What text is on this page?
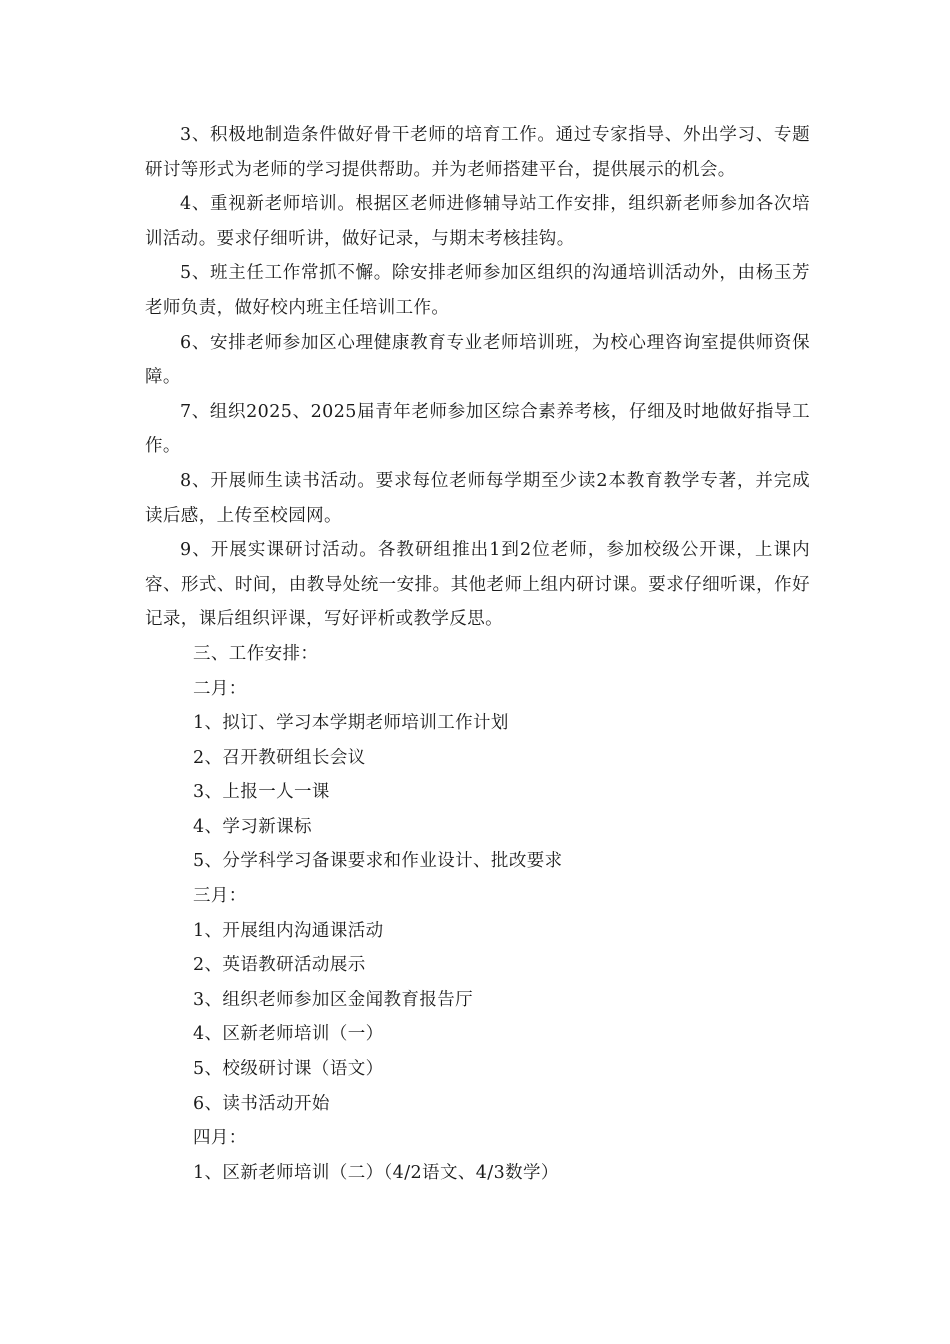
3、积极地制造条件做好骨干老师的培育工作。通过专家指导、外出学习、专题研讨等形式为老师的学习提供帮助。并为老师搭建平台，提供展示的机会。

4、重视新老师培训。根据区老师进修辅导站工作安排，组织新老师参加各次培训活动。要求仔细听讲，做好记录，与期末考核挂钩。

5、班主任工作常抓不懈。除安排老师参加区组织的沟通培训活动外，由杨玉芳老师负责，做好校内班主任培训工作。

6、安排老师参加区心理健康教育专业老师培训班，为校心理咨询室提供师资保障。

7、组织2025、2025届青年老师参加区综合素养考核，仔细及时地做好指导工作。

8、开展师生读书活动。要求每位老师每学期至少读2本教育教学专著，并完成读后感，上传至校园网。

9、开展实课研讨活动。各教研组推出1到2位老师，参加校级公开课，上课内容、形式、时间，由教导处统一安排。其他老师上组内研讨课。要求仔细听课，作好记录，课后组织评课，写好评析或教学反思。

三、工作安排：

二月：

1、拟订、学习本学期老师培训工作计划

2、召开教研组长会议

3、上报一人一课

4、学习新课标

5、分学科学习备课要求和作业设计、批改要求

三月：

1、开展组内沟通课活动

2、英语教研活动展示

3、组织老师参加区金闻教育报告厅

4、区新老师培训（一）

5、校级研讨课（语文）

6、读书活动开始

四月：

1、区新老师培训（二）（4/2语文、4/3数学）
